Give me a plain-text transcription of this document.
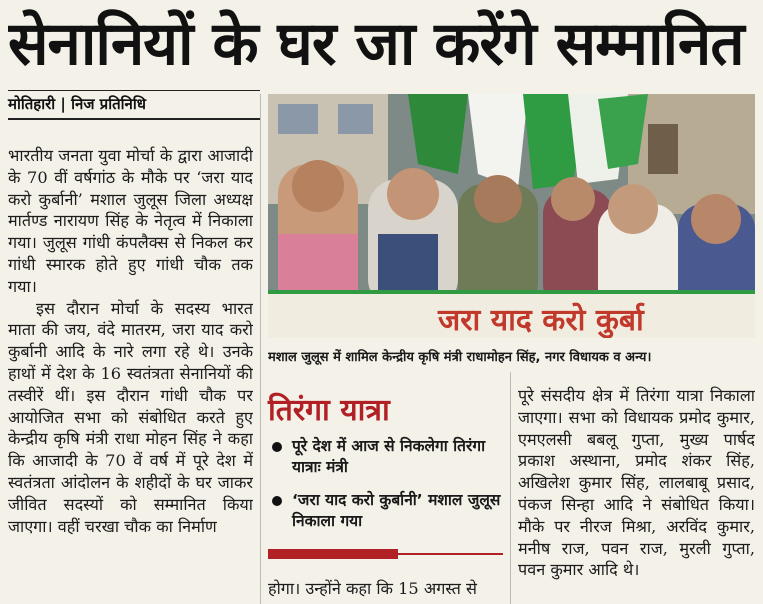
सेनानियों के घर जा करेंगे सम्मानित
मोतिहारी | निज प्रतिनिधि

भारतीय जनता युवा मोर्चा के द्वारा आजादी के 70 वीं वर्षगांठ के मौके पर ‘जरा याद करो कुर्बानी’ मशाल जुलूस जिला अध्यक्ष मार्तण्ड नारायण सिंह के नेतृत्व में निकाला गया। जुलूस गांधी कंपलैक्स से निकल कर गांधी स्मारक होते हुए गांधी चौक तक गया।

इस दौरान मोर्चा के सदस्य भारत माता की जय, वंदे मातरम, जरा याद करो कुर्बानी आदि के नारे लगा रहे थे। उनके हाथों में देश के 16 स्वतंत्रता सेनानियों की तस्वीरें थीं। इस दौरान गांधी चौक पर आयोजित सभा को संबोधित करते हुए केन्द्रीय कृषि मंत्री राधा मोहन सिंह ने कहा कि आजादी के 70 वें वर्ष में पूरे देश में स्वतंत्रता आंदोलन के शहीदों के घर जाकर जीवित सदस्यों को सम्मानित किया जाएगा। वहीं चरखा चौक का निर्माण

जरा याद करो कुर्बा
मशाल जुलूस में शामिल केन्द्रीय कृषि मंत्री राधामोहन सिंह, नगर विधायक व अन्य।
तिरंगा यात्रा
पूरे देश में आज से निकलेगा तिरंगा यात्राः मंत्री
‘जरा याद करो कुर्बानी’ मशाल जुलूस निकाला गया

होगा। उन्होंने कहा कि 15 अगस्त से

पूरे संसदीय क्षेत्र में तिरंगा यात्रा निकाला जाएगा। सभा को विधायक प्रमोद कुमार, एमएलसी बबलू गुप्ता, मुख्य पार्षद प्रकाश अस्थाना, प्रमोद शंकर सिंह, अखिलेश कुमार सिंह, लालबाबू प्रसाद, पंकज सिन्हा आदि ने संबोधित किया। मौके पर नीरज मिश्रा, अरविंद कुमार, मनीष राज, पवन राज, मुरली गुप्ता, पवन कुमार आदि थे।
